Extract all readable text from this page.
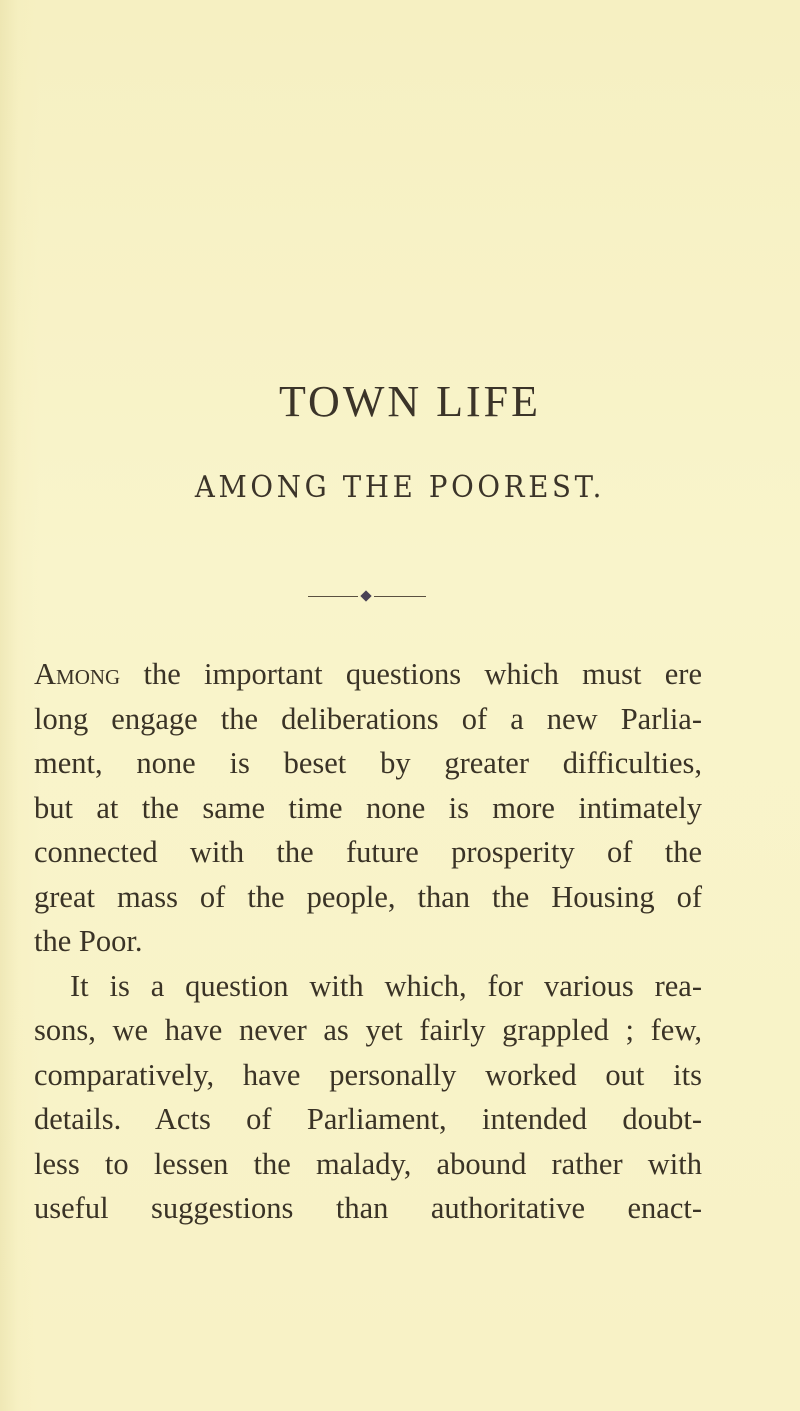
TOWN LIFE
AMONG THE POOREST.
Among the important questions which must ere
long engage the deliberations of a new Parlia-
ment, none is beset by greater difficulties,
but at the same time none is more intimately
connected with the future prosperity of the
great mass of the people, than the Housing of
the Poor.
It is a question with which, for various rea-
sons, we have never as yet fairly grappled ; few,
comparatively, have personally worked out its
details. Acts of Parliament, intended doubt-
less to lessen the malady, abound rather with
useful suggestions than authoritative enact-
